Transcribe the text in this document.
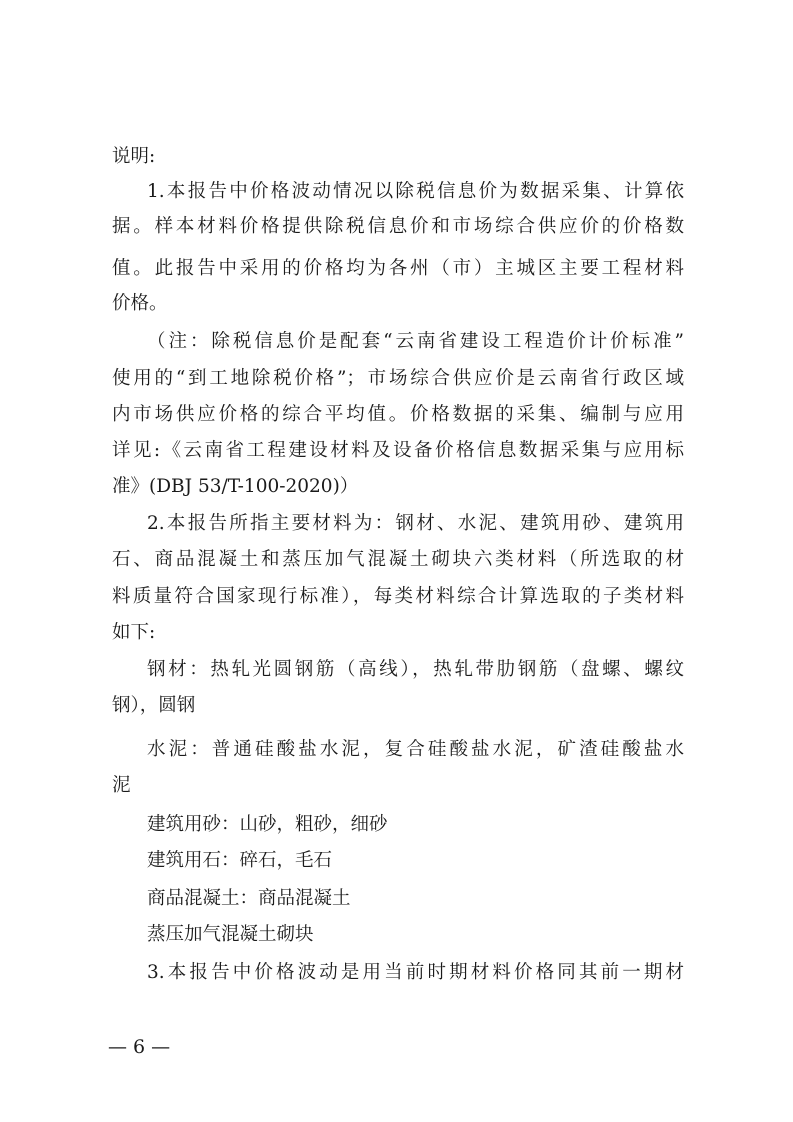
说明:
1.本报告中价格波动情况以除税信息价为数据采集、计算依
据。样本材料价格提供除税信息价和市场综合供应价的价格数
值。此报告中采用的价格均为各州（市）主城区主要工程材料
价格。
（注：除税信息价是配套“云南省建设工程造价计价标准”
使用的“到工地除税价格”；市场综合供应价是云南省行政区域
内市场供应价格的综合平均值。价格数据的采集、编制与应用
详见:《云南省工程建设材料及设备价格信息数据采集与应用标
准》(DBJ 53/T-100-2020)）
2.本报告所指主要材料为：钢材、水泥、建筑用砂、建筑用
石、商品混凝土和蒸压加气混凝土砌块六类材料（所选取的材
料质量符合国家现行标准），每类材料综合计算选取的子类材料
如下:
钢材：热轧光圆钢筋（高线），热轧带肋钢筋（盘螺、螺纹
钢），圆钢
水泥：普通硅酸盐水泥，复合硅酸盐水泥，矿渣硅酸盐水
泥
建筑用砂：山砂，粗砂，细砂
建筑用石：碎石，毛石
商品混凝土：商品混凝土
蒸压加气混凝土砌块
3.本报告中价格波动是用当前时期材料价格同其前一期材
— 6 —
